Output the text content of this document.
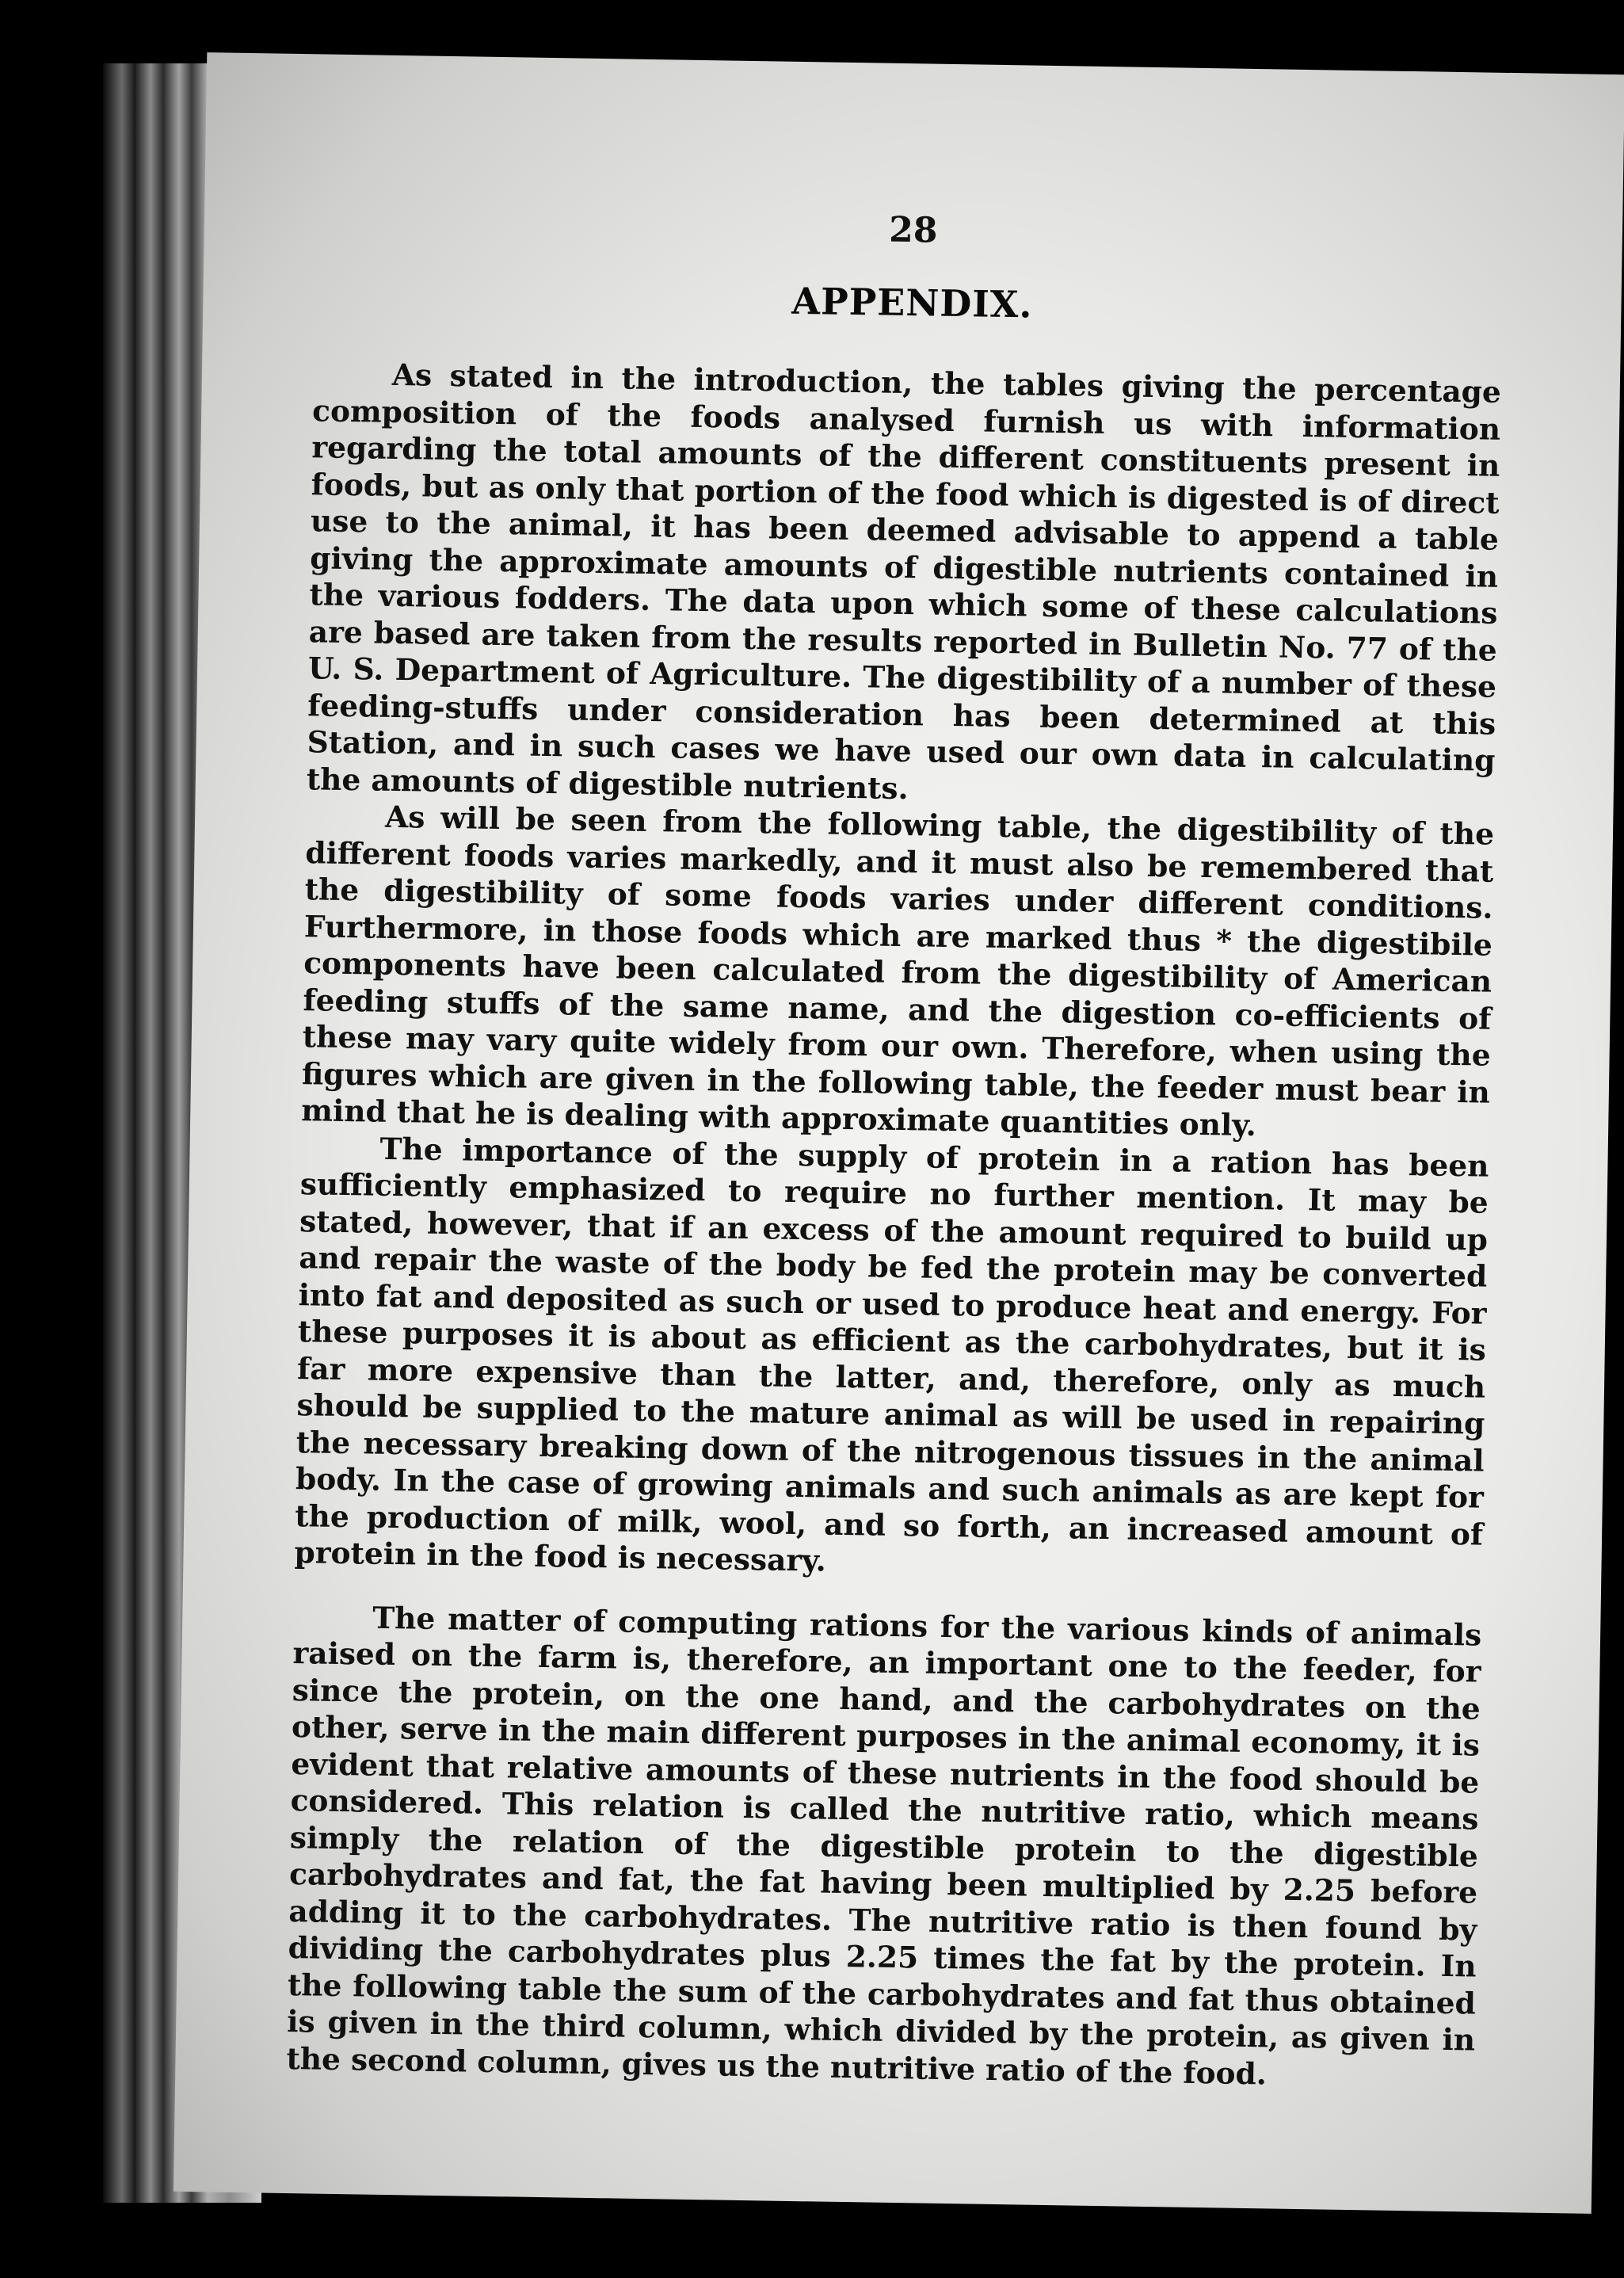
28
APPENDIX.

As stated in the introduction, the tables giving the percentage composition of the foods analysed furnish us with information regarding the total amounts of the different constituents present in foods, but as only that portion of the food which is digested is of direct use to the animal, it has been deemed advisable to append a table giving the approximate amounts of digestible nutrients contained in the various fodders. The data upon which some of these calculations are based are taken from the results reported in Bulletin No. 77 of the U. S. Department of Agriculture. The digestibility of a number of these feeding-stuffs under consideration has been determined at this Station, and in such cases we have used our own data in calculating the amounts of digestible nutrients.

As will be seen from the following table, the digestibility of the different foods varies markedly, and it must also be remembered that the digestibility of some foods varies under different conditions. Furthermore, in those foods which are marked thus * the digestibile components have been calculated from the digestibility of American feeding stuffs of the same name, and the digestion co-efficients of these may vary quite widely from our own. Therefore, when using the figures which are given in the following table, the feeder must bear in mind that he is dealing with approximate quantities only.

The importance of the supply of protein in a ration has been sufficiently emphasized to require no further mention. It may be stated, however, that if an excess of the amount required to build up and repair the waste of the body be fed the protein may be converted into fat and deposited as such or used to produce heat and energy. For these purposes it is about as efficient as the carbohydrates, but it is far more expensive than the latter, and, therefore, only as much should be supplied to the mature animal as will be used in repairing the necessary breaking down of the nitrogenous tissues in the animal body. In the case of growing animals and such animals as are kept for the production of milk, wool, and so forth, an increased amount of protein in the food is necessary.

The matter of computing rations for the various kinds of animals raised on the farm is, therefore, an important one to the feeder, for since the protein, on the one hand, and the carbohydrates on the other, serve in the main different purposes in the animal economy, it is evident that relative amounts of these nutrients in the food should be considered. This relation is called the nutritive ratio, which means simply the relation of the digestible protein to the digestible carbohydrates and fat, the fat having been multiplied by 2.25 before adding it to the carbohydrates. The nutritive ratio is then found by dividing the carbohydrates plus 2.25 times the fat by the protein. In the following table the sum of the carbohydrates and fat thus obtained is given in the third column, which divided by the protein, as given in the second column, gives us the nutritive ratio of the food.
